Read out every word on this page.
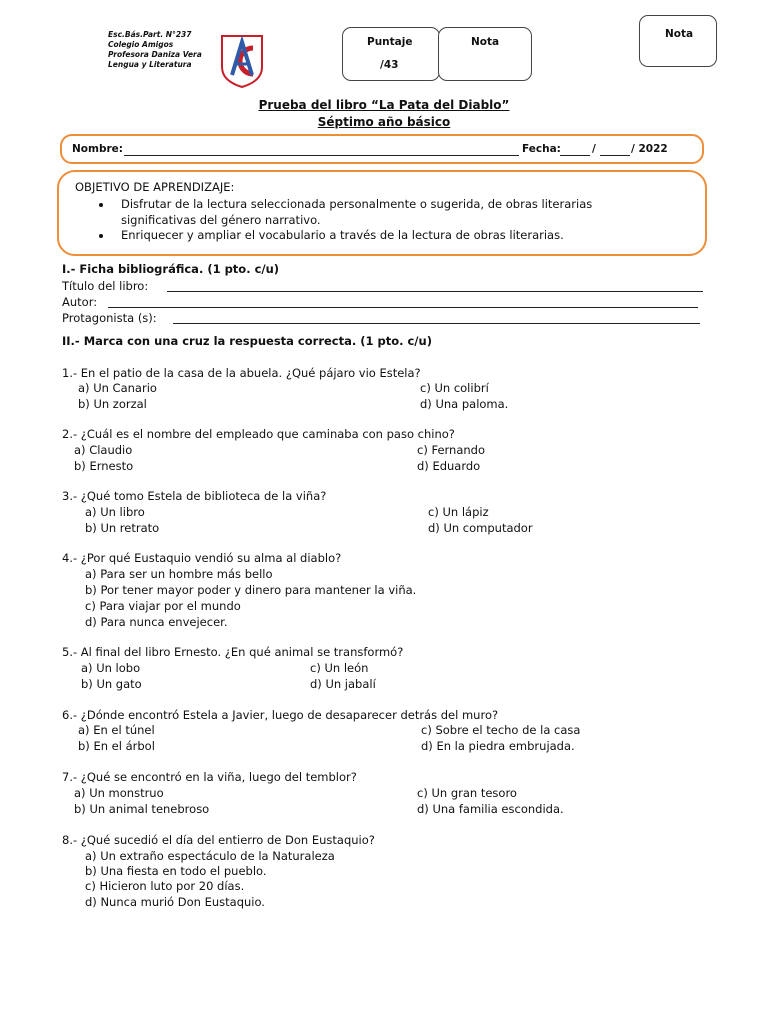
Esc.Bás.Part. N°237
Colegio Amigos
Profesora Daniza Vera
Lengua y Literatura
Puntaje
/43
Nota
Nota
Prueba del libro “La Pata del Diablo”
Séptimo año básico
Nombre:	Fecha:	/	/ 2022
OBJETIVO DE APRENDIZAJE:
Disfrutar de la lectura seleccionada personalmente o sugerida, de obras literarias
significativas del género narrativo.
Enriquecer y ampliar el vocabulario a través de la lectura de obras literarias.
I.- Ficha bibliográfica. (1 pto. c/u)
Título del libro:
Autor:
Protagonista (s):
II.- Marca con una cruz la respuesta correcta. (1 pto. c/u)
1.- En el patio de la casa de la abuela. ¿Qué pájaro vio Estela?
a) Un Canario
b) Un zorzal
c) Un colibrí
d) Una paloma.
2.- ¿Cuál es el nombre del empleado que caminaba con paso chino?
a) Claudio
b) Ernesto
c) Fernando
d) Eduardo
3.- ¿Qué tomo Estela de biblioteca de la viña?
a) Un libro
b) Un retrato
c) Un lápiz
d) Un computador
4.- ¿Por qué Eustaquio vendió su alma al diablo?
a) Para ser un hombre más bello
b) Por tener mayor poder y dinero para mantener la viña.
c) Para viajar por el mundo
d) Para nunca envejecer.
5.- Al final del libro Ernesto. ¿En qué animal se transformó?
a) Un lobo
b) Un gato
c) Un león
d) Un jabalí
6.- ¿Dónde encontró Estela a Javier, luego de desaparecer detrás del muro?
a) En el túnel
b) En el árbol
c) Sobre el techo de la casa
d) En la piedra embrujada.
7.- ¿Qué se encontró en la viña, luego del temblor?
a) Un monstruo
b) Un animal tenebroso
c) Un gran tesoro
d) Una familia escondida.
8.- ¿Qué sucedió el día del entierro de Don Eustaquio?
a) Un extraño espectáculo de la Naturaleza
b) Una fiesta en todo el pueblo.
c) Hicieron luto por 20 días.
d) Nunca murió Don Eustaquio.
